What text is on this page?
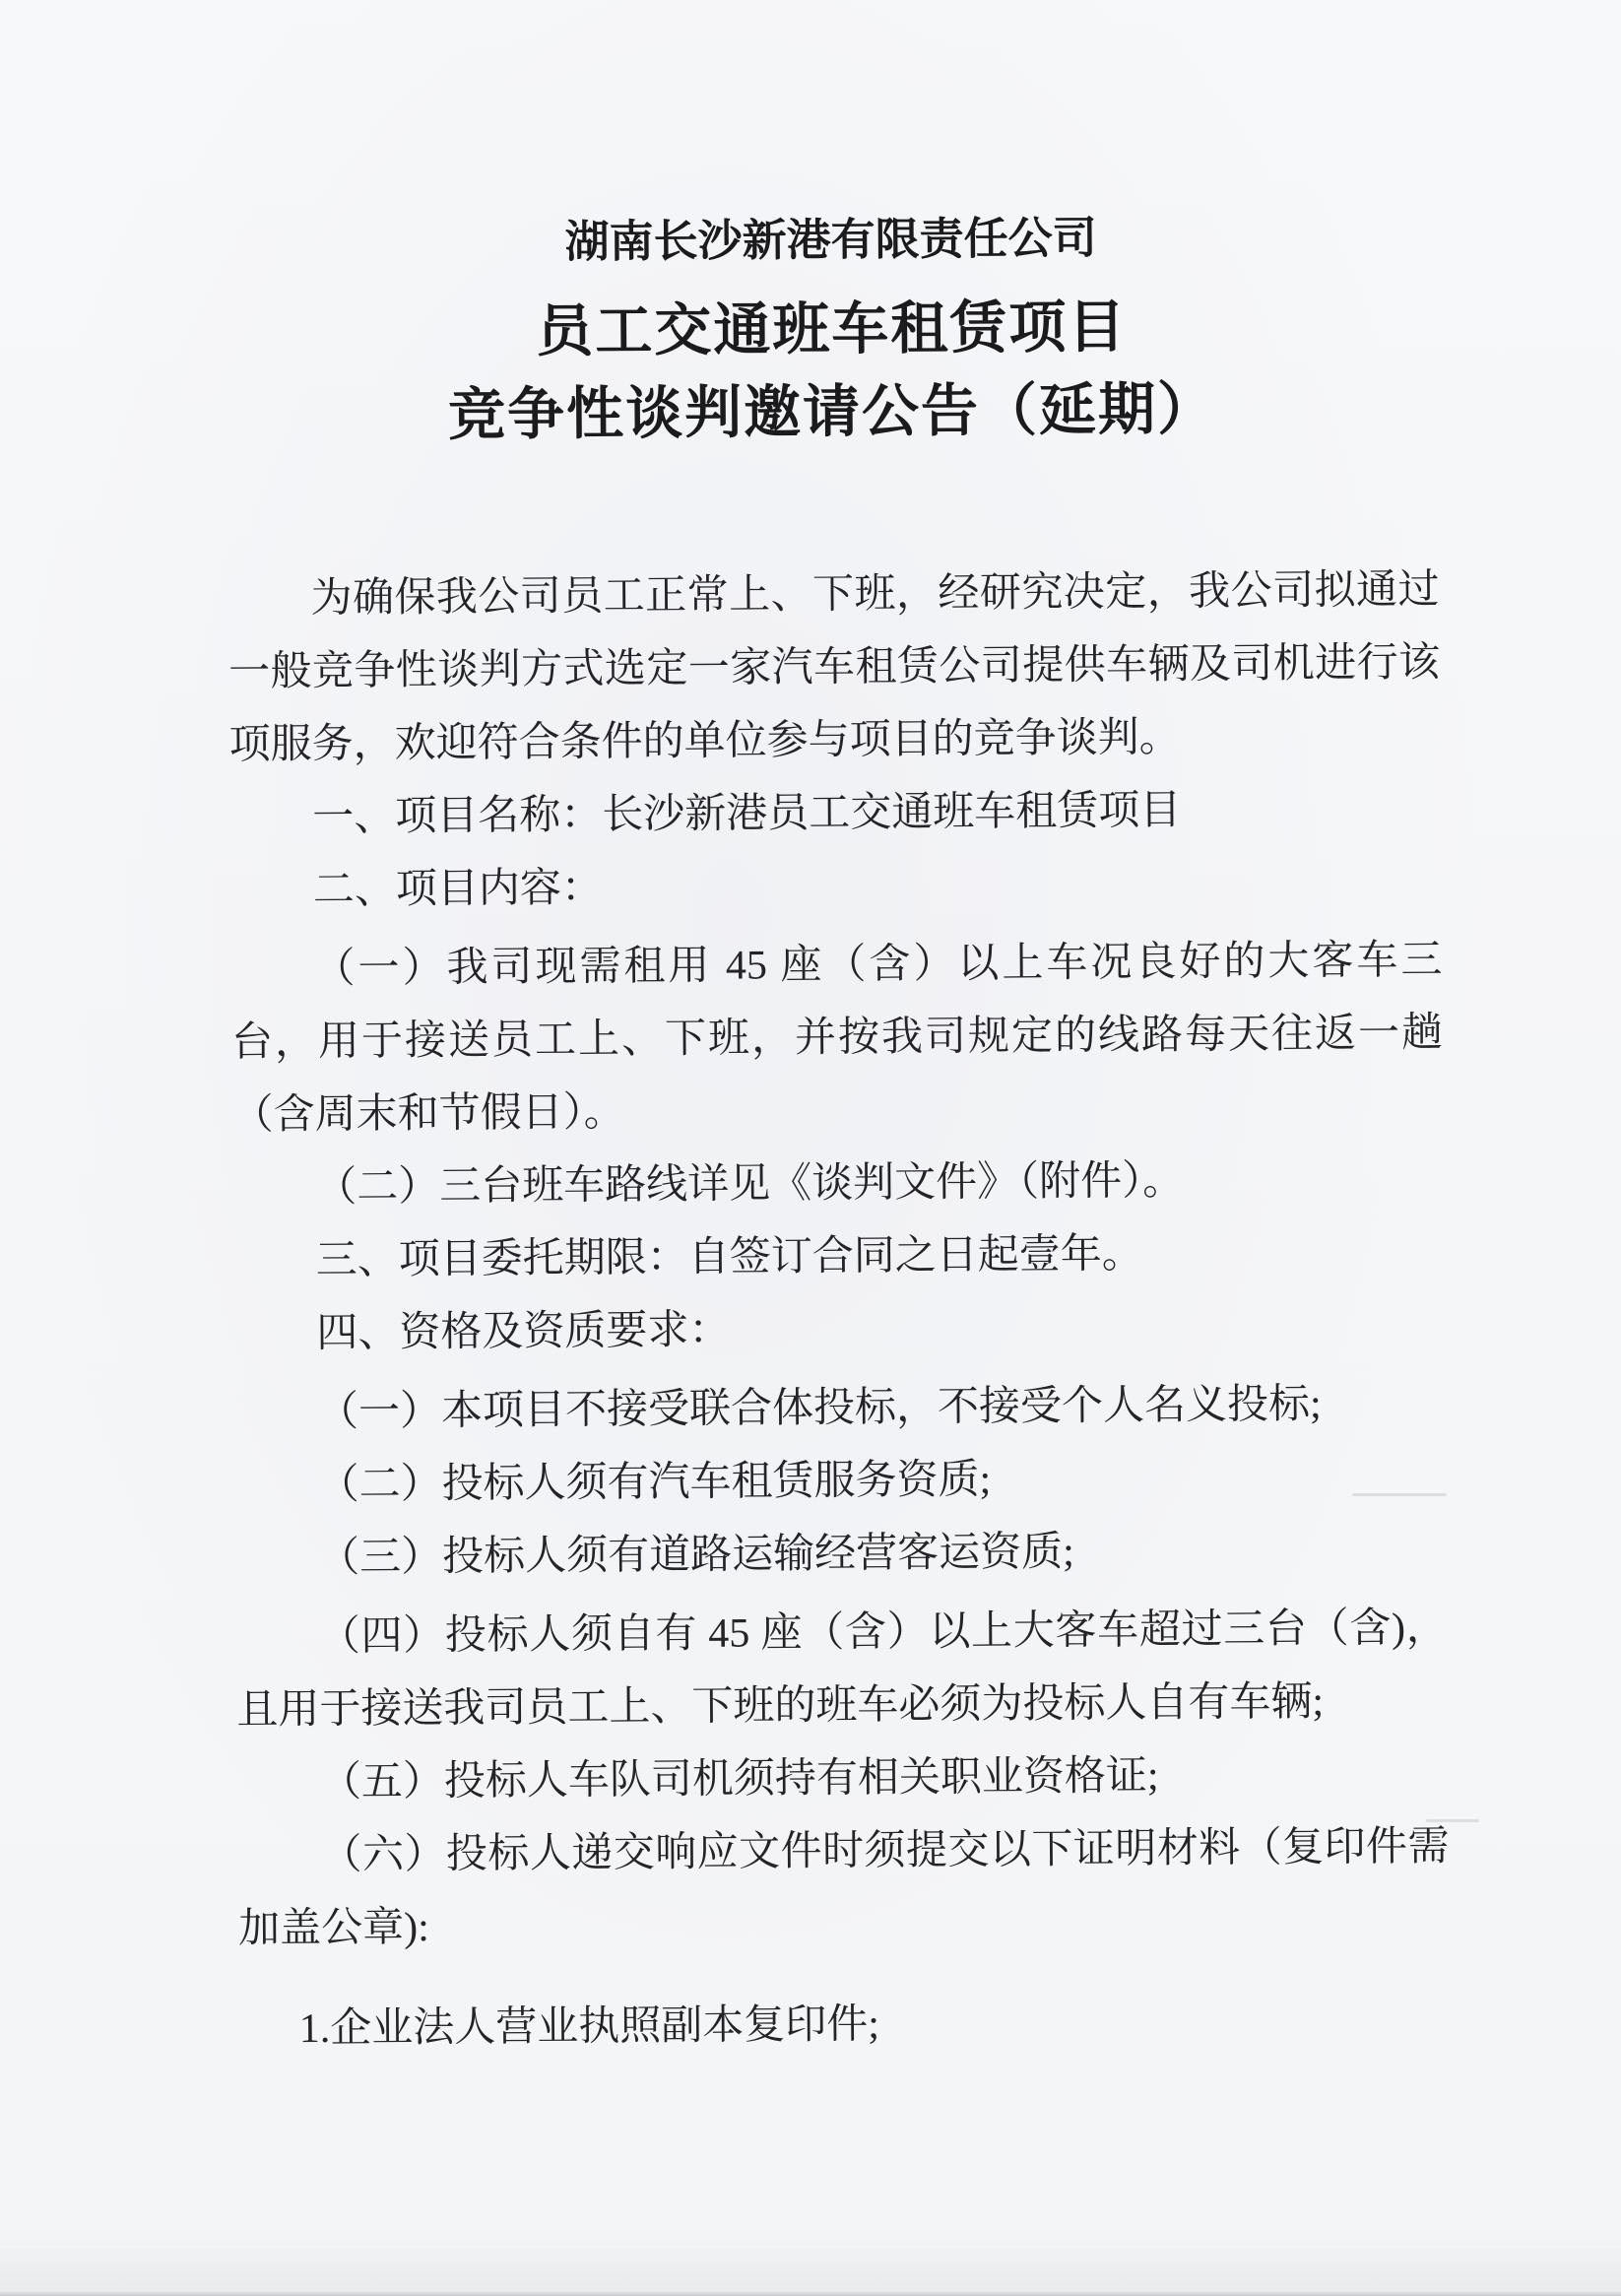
湖南长沙新港有限责任公司
员工交通班车租赁项目
竞争性谈判邀请公告（延期）

为确保我公司员工正常上、下班，经研究决定，我公司拟通过一般竞争性谈判方式选定一家汽车租赁公司提供车辆及司机进行该项服务，欢迎符合条件的单位参与项目的竞争谈判。

一、项目名称：长沙新港员工交通班车租赁项目

二、项目内容：

（一）我司现需租用 45 座（含）以上车况良好的大客车三台，用于接送员工上、下班，并按我司规定的线路每天往返一趟（含周末和节假日）。

（二）三台班车路线详见《谈判文件》（附件）。

三、项目委托期限：自签订合同之日起壹年。

四、资格及资质要求：

（一）本项目不接受联合体投标，不接受个人名义投标;

（二）投标人须有汽车租赁服务资质;

（三）投标人须有道路运输经营客运资质;

（四）投标人须自有 45 座（含）以上大客车超过三台（含)，且用于接送我司员工上、下班的班车必须为投标人自有车辆;

（五）投标人车队司机须持有相关职业资格证;

（六）投标人递交响应文件时须提交以下证明材料（复印件需加盖公章):

1.企业法人营业执照副本复印件;
